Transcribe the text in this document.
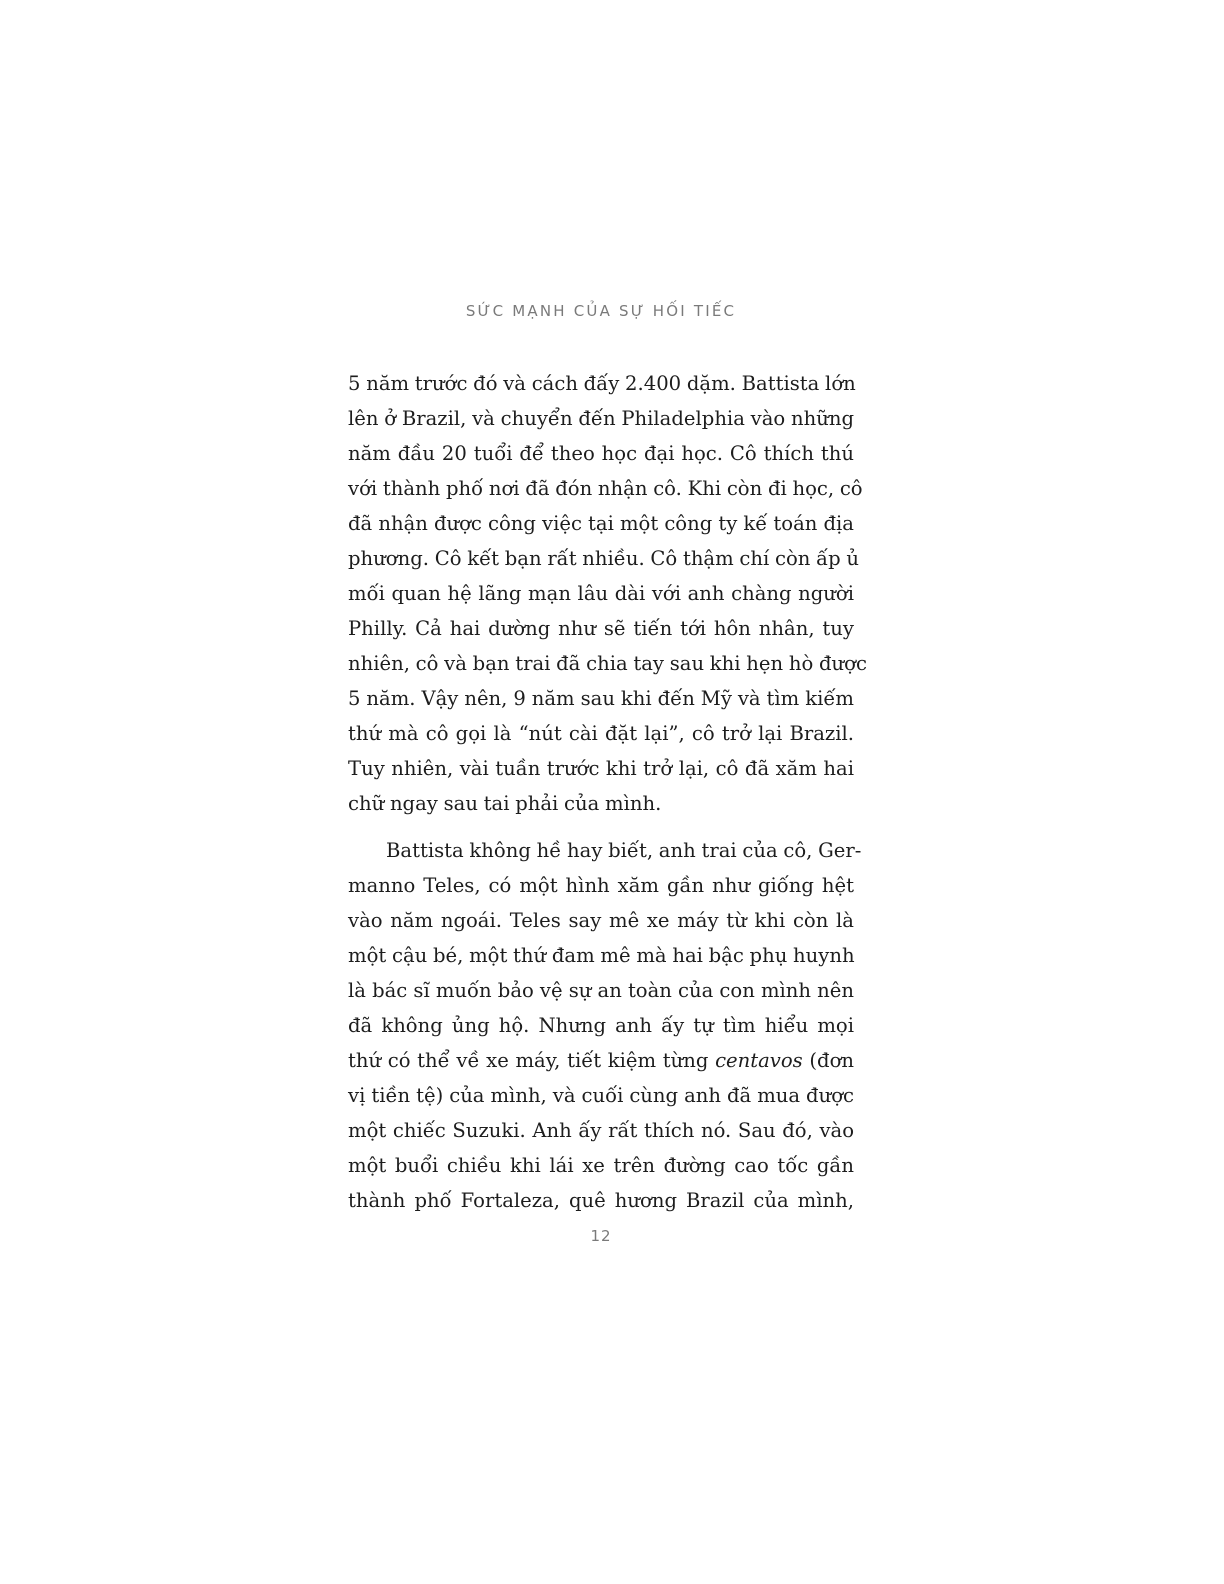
SỨC MẠNH CỦA SỰ HỐI TIẾC
5 năm trước đó và cách đấy 2.400 dặm. Battista lớn
lên ở Brazil, và chuyển đến Philadelphia vào những
năm đầu 20 tuổi để theo học đại học. Cô thích thú
với thành phố nơi đã đón nhận cô. Khi còn đi học, cô
đã nhận được công việc tại một công ty kế toán địa
phương. Cô kết bạn rất nhiều. Cô thậm chí còn ấp ủ
mối quan hệ lãng mạn lâu dài với anh chàng người
Philly. Cả hai dường như sẽ tiến tới hôn nhân, tuy
nhiên, cô và bạn trai đã chia tay sau khi hẹn hò được
5 năm. Vậy nên, 9 năm sau khi đến Mỹ và tìm kiếm
thứ mà cô gọi là “nút cài đặt lại”, cô trở lại Brazil.
Tuy nhiên, vài tuần trước khi trở lại, cô đã xăm hai
chữ ngay sau tai phải của mình.
Battista không hề hay biết, anh trai của cô, Ger-
manno Teles, có một hình xăm gần như giống hệt
vào năm ngoái. Teles say mê xe máy từ khi còn là
một cậu bé, một thứ đam mê mà hai bậc phụ huynh
là bác sĩ muốn bảo vệ sự an toàn của con mình nên
đã không ủng hộ. Nhưng anh ấy tự tìm hiểu mọi
thứ có thể về xe máy, tiết kiệm từng centavos (đơn
vị tiền tệ) của mình, và cuối cùng anh đã mua được
một chiếc Suzuki. Anh ấy rất thích nó. Sau đó, vào
một buổi chiều khi lái xe trên đường cao tốc gần
thành phố Fortaleza, quê hương Brazil của mình,
12
